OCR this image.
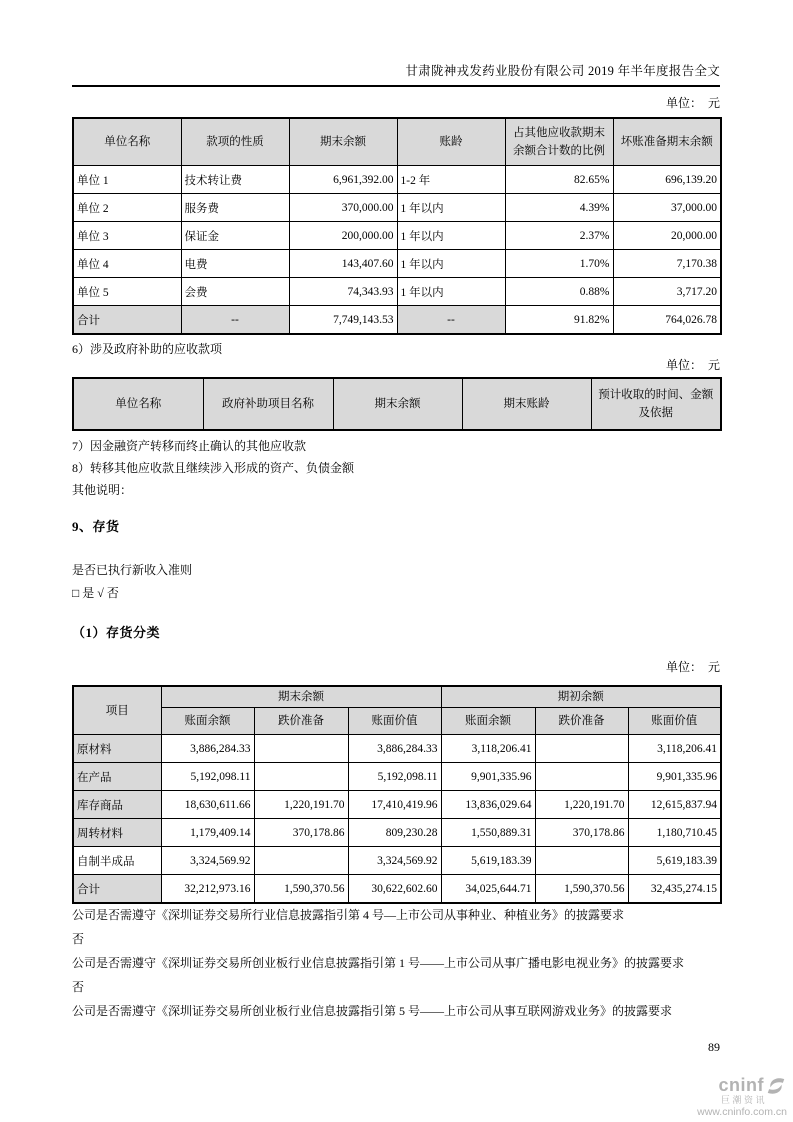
甘肃陇神戎发药业股份有限公司 2019 年半年度报告全文
单位：　元
单位名称	款项的性质	期末余额	账龄	占其他应收款期末余额合计数的比例	坏账准备期末余额
单位 1	技术转让费	6,961,392.00	1-2 年	82.65%	696,139.20
单位 2	服务费	370,000.00	1 年以内	4.39%	37,000.00
单位 3	保证金	200,000.00	1 年以内	2.37%	20,000.00
单位 4	电费	143,407.60	1 年以内	1.70%	7,170.38
单位 5	会费	74,343.93	1 年以内	0.88%	3,717.20
合计	--	7,749,143.53	--	91.82%	764,026.78
6）涉及政府补助的应收款项
单位：　元
单位名称	政府补助项目名称	期末余额	期末账龄	预计收取的时间、金额及依据
7）因金融资产转移而终止确认的其他应收款
8）转移其他应收款且继续涉入形成的资产、负债金额
其他说明：
9、存货
是否已执行新收入准则
□ 是 √ 否
（1）存货分类
单位：　元
项目	期末余额			期初余额		
	账面余额	跌价准备	账面价值	账面余额	跌价准备	账面价值
原材料	3,886,284.33		3,886,284.33	3,118,206.41		3,118,206.41
在产品	5,192,098.11		5,192,098.11	9,901,335.96		9,901,335.96
库存商品	18,630,611.66	1,220,191.70	17,410,419.96	13,836,029.64	1,220,191.70	12,615,837.94
周转材料	1,179,409.14	370,178.86	809,230.28	1,550,889.31	370,178.86	1,180,710.45
自制半成品	3,324,569.92		3,324,569.92	5,619,183.39		5,619,183.39
合计	32,212,973.16	1,590,370.56	30,622,602.60	34,025,644.71	1,590,370.56	32,435,274.15
公司是否需遵守《深圳证券交易所行业信息披露指引第 4 号—上市公司从事种业、种植业务》的披露要求
否
公司是否需遵守《深圳证券交易所创业板行业信息披露指引第 1 号——上市公司从事广播电影电视业务》的披露要求
否
公司是否需遵守《深圳证券交易所创业板行业信息披露指引第 5 号——上市公司从事互联网游戏业务》的披露要求
89
cninf
巨潮资讯
www.cninfo.com.cn
